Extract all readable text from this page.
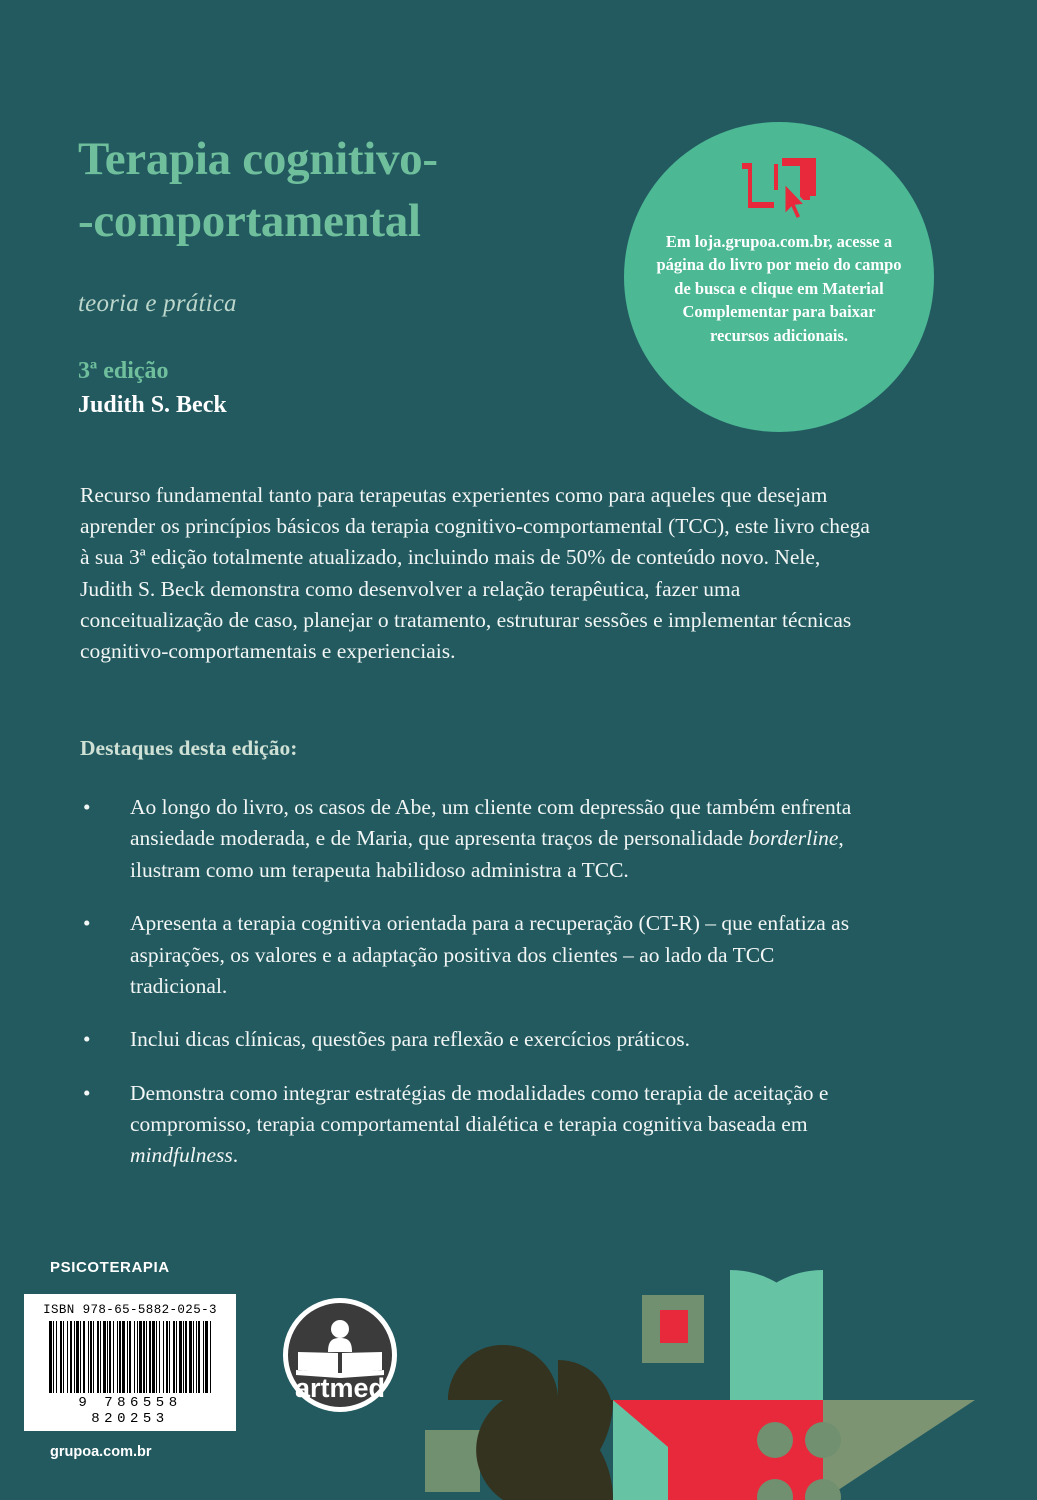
Terapia cognitivo-
-comportamental

teoria e prática

3ª edição

Judith S. Beck

Em loja.grupoa.com.br, acesse a página do livro por meio do campo de busca e clique em Material Complementar para baixar recursos adicionais.

Recurso fundamental tanto para terapeutas experientes como para aqueles que desejam aprender os princípios básicos da terapia cognitivo-comportamental (TCC), este livro chega à sua 3ª edição totalmente atualizado, incluindo mais de 50% de conteúdo novo. Nele, Judith S. Beck demonstra como desenvolver a relação terapêutica, fazer uma conceitualização de caso, planejar o tratamento, estruturar sessões e implementar técnicas cognitivo-comportamentais e experienciais.

Destaques desta edição:
• Ao longo do livro, os casos de Abe, um cliente com depressão que também enfrenta ansiedade moderada, e de Maria, que apresenta traços de personalidade borderline, ilustram como um terapeuta habilidoso administra a TCC.
• Apresenta a terapia cognitiva orientada para a recuperação (CT-R) – que enfatiza as aspirações, os valores e a adaptação positiva dos clientes – ao lado da TCC tradicional.
• Inclui dicas clínicas, questões para reflexão e exercícios práticos.
• Demonstra como integrar estratégias de modalidades como terapia de aceitação e compromisso, terapia comportamental dialética e terapia cognitiva baseada em mindfulness.
PSICOTERAPIA
ISBN 978-65-5882-025-3
9 786558 820253
grupoa.com.br
artmed
